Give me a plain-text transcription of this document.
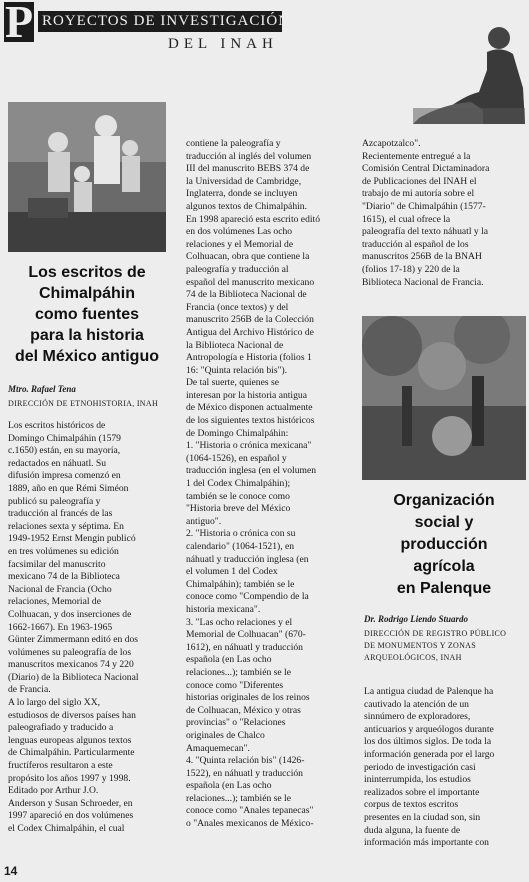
P ROYECTOS DE INVESTIGACIÓN
DEL INAH
Los escritos de
Chimalpáhin
como fuentes
para la historia
del México antiguo
Mtro. Rafael Tena
DIRECCIÓN DE ETNOHISTORIA, INAH

Los escritos históricos de
Domingo Chimalpáhin (1579
c.1650) están, en su mayoría,
redactados en náhuatl. Su
difusión impresa comenzó en
1889, año en que Rémi Siméon
publicó su paleografía y
traducción al francés de las
relaciones sexta y séptima. En
1949-1952 Ernst Mengin publicó
en tres volúmenes su edición
facsimilar del manuscrito
mexicano 74 de la Biblioteca
Nacional de Francia (Ocho
relaciones, Memorial de
Colhuacan, y dos inserciones de
1662-1667). En 1963-1965
Günter Zimmermann editó en dos
volúmenes su paleografía de los
manuscritos mexicanos 74 y 220
(Diario) de la Biblioteca Nacional
de Francia.
A lo largo del siglo XX,
estudiosos de diversos países han
paleografiado y traducido a
lenguas europeas algunos textos
de Chimalpáhin. Particularmente
fructíferos resultaron a este
propósito los años 1997 y 1998.
Editado por Arthur J.O.
Anderson y Susan Schroeder, en
1997 apareció en dos volúmenes
el Codex Chimalpáhin, el cual

contiene la paleografía y
traducción al inglés del volumen
III del manuscrito BEBS 374 de
la Universidad de Cambridge,
Inglaterra, donde se incluyen
algunos textos de Chimalpáhin.
En 1998 apareció esta escrito editó
en dos volúmenes Las ocho
relaciones y el Memorial de
Colhuacan, obra que contiene la
paleografía y traducción al
español del manuscrito mexicano
74 de la Biblioteca Nacional de
Francia (once textos) y del
manuscrito 256B de la Colección
Antigua del Archivo Histórico de
la Biblioteca Nacional de
Antropología e Historia (folios 1
16: "Quinta relación bis").
De tal suerte, quienes se
interesan por la historia antigua
de México disponen actualmente
de los siguientes textos históricos
de Domingo Chimalpáhin:
1. "Historia o crónica mexicana"
(1064-1526), en español y
traducción inglesa (en el volumen
1 del Codex Chimalpáhin);
también se le conoce como
"Historia breve del México
antiguo".
2. "Historia o crónica con su
calendario" (1064-1521), en
náhuatl y traducción inglesa (en
el volumen 1 del Codex
Chimalpáhin); también se le
conoce como "Compendio de la
historia mexicana".
3. "Las ocho relaciones y el
Memorial de Colhuacan" (670-
1612), en náhuatl y traducción
española (en Las ocho
relaciones...); también se le
conoce como "Diferentes
historias originales de los reinos
de Colhuacan, México y otras
provincias" o "Relaciones
originales de Chalco
Amaquemecan".
4. "Quinta relación bis" (1426-
1522), en náhuatl y traducción
española (en Las ocho
relaciones...); también se le
conoce como "Anales tepanecas"
o "Anales mexicanos de México-

Azcapotzalco".
Recientemente entregué a la
Comisión Central Dictaminadora
de Publicaciones del INAH el
trabajo de mi autoría sobre el
"Diario" de Chimalpáhin (1577-
1615), el cual ofrece la
paleografía del texto náhuatl y la
traducción al español de los
manuscritos 256B de la BNAH
(folios 17-18) y 220 de la
Biblioteca Nacional de Francia.

Organización
social y
producción
agrícola
en Palenque
Dr. Rodrigo Liendo Stuardo
DIRECCIÓN DE REGISTRO PÚBLICO
DE MONUMENTOS Y ZONAS
ARQUEOLÓGICOS, INAH

La antigua ciudad de Palenque ha
cautivado la atención de un
sinnúmero de exploradores,
anticuarios y arqueólogos durante
los dos últimos siglos. De toda la
información generada por el largo
periodo de investigación casi
ininterrumpida, los estudios
realizados sobre el importante
corpus de textos escritos
presentes en la ciudad son, sin
duda alguna, la fuente de
información más importante con

14
